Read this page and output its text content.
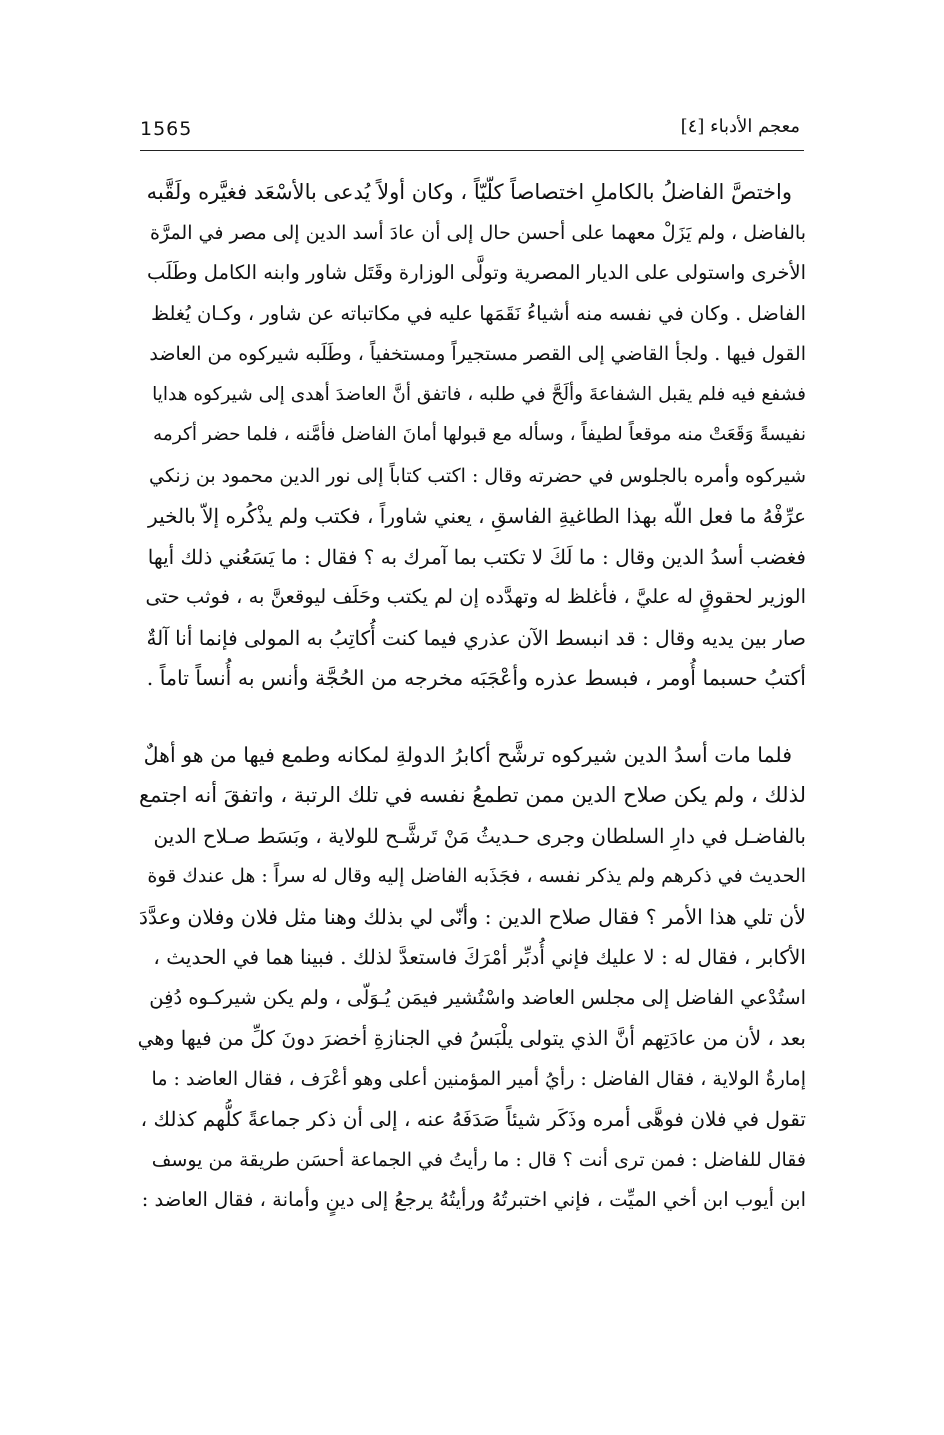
1565	معجم الأدباء [٤]
واختصَّ الفاضلُ بالكاملِ اختصاصاً كلّيّاً ، وكان أولاً يُدعى بالأسْعَد فغيَّره ولَقَّبه
بالفاضل ، ولم يَزَلْ معهما على أحسن حال إلى أن عادَ أسد الدين إلى مصر في المرَّة
الأخرى واستولى على الديار المصرية وتولَّى الوزارة وقَتَل شاور وابنه الكامل وطَلَب
الفاضل . وكان في نفسه منه أشياءُ نَقَمَها عليه في مكاتباته عن شاور ، وكـان يُغلظ
القول فيها . ولجأ القاضي إلى القصر مستجيراً ومستخفياً ، وطَلَبه شيركوه من العاضد
فشفع فيه فلم يقبل الشفاعةَ وألَحَّ في طلبه ، فاتفق أنَّ العاضدَ أهدى إلى شيركوه هدايا
نفيسةً وَقَعَتْ منه موقعاً لطيفاً ، وسأله مع قبولها أمانَ الفاضل فأمَّنه ، فلما حضر أكرمه
شيركوه وأمره بالجلوس في حضرته وقال : اكتب كتاباً إلى نور الدين محمود بن زنكي
عرِّفْهُ ما فعل اللّه بهذا الطاغيةِ الفاسقِ ، يعني شاوراً ، فكتب ولم يذْكُره إلاّ بالخير
فغضب أسدُ الدين وقال : ما لَكَ لا تكتب بما آمرك به ؟ فقال : ما يَسَعُني ذلك أيها
الوزير لحقوقٍ له عليَّ ، فأغلظ له وتهدَّده إن لم يكتب وحَلَف ليوقعنَّ به ، فوثب حتى
صار بين يديه وقال : قد انبسط الآن عذري فيما كنت أُكاتِبُ به المولى فإنما أنا آلةٌ
أكتبُ حسبما أُومر ، فبسط عذره وأعْجَبَه مخرجه من الحُجَّة وأنس به أُنساً تاماً .
فلما مات أسدُ الدين شيركوه ترشَّح أكابرُ الدولةِ لمكانه وطمع فيها من هو أهلٌ
لذلك ، ولم يكن صلاح الدين ممن تطمعُ نفسه في تلك الرتبة ، واتفقَ أنه اجتمع
بالفاضـل في دارِ السلطان وجرى حـديثُ مَنْ تَرشَّـح للولاية ، وبَسَط صـلاح الدين
الحديث في ذكرهم ولم يذكر نفسه ، فجَذَبه الفاضل إليه وقال له سراً : هل عندك قوة
لأن تلي هذا الأمر ؟ فقال صلاح الدين : وأنّى لي بذلك وهنا مثل فلان وفلان وعدَّدَ
الأكابر ، فقال له : لا عليك فإني أُدبِّر أمْرَكَ فاستعدَّ لذلك . فبينا هما في الحديث ،
استُدْعي الفاضل إلى مجلس العاضد واسْتُشير فيمَن يُـوَلّى ، ولم يكن شيركـوه دُفِن
بعد ، لأن من عادَتِهم أنَّ الذي يتولى يلْبَسُ في الجنازةِ أخضرَ دونَ كلِّ من فيها وهي
إمارةُ الولاية ، فقال الفاضل : رأيُ أمير المؤمنين أعلى وهو أعْرَف ، فقال العاضد : ما
تقول في فلان فوهَّى أمره وذَكَر شيئاً صَدَفَهُ عنه ، إلى أن ذكر جماعةً كلُّهم كذلك ،
فقال للفاضل : فمن ترى أنت ؟ قال : ما رأيتُ في الجماعة أحسَن طريقة من يوسف
ابن أيوب ابن أخي الميِّت ، فإني اختبرتُهُ ورأيتُهُ يرجعُ إلى دينٍ وأمانة ، فقال العاضد :
